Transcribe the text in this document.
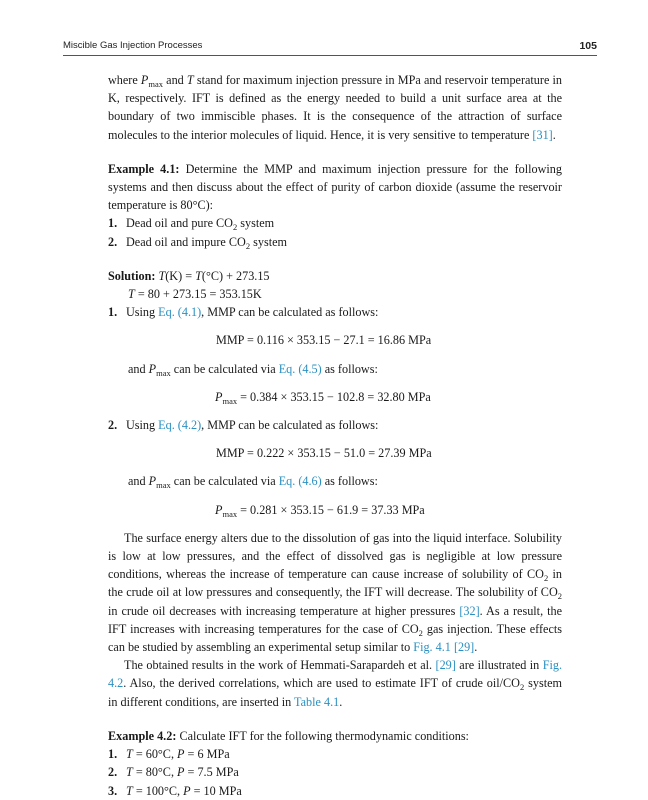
Miscible Gas Injection Processes	105

where $P_{max}$ and T stand for maximum injection pressure in MPa and reservoir temperature in K, respectively. IFT is defined as the energy needed to build a unit surface area at the boundary of two immiscible phases. It is the consequence of the attraction of surface molecules to the interior molecules of liquid. Hence, it is very sensitive to temperature [31].

Example 4.1: Determine the MMP and maximum injection pressure for the following systems and then discuss about the effect of purity of carbon dioxide (assume the reservoir temperature is 80°C):

1. Dead oil and pure $CO_2$ system

2. Dead oil and impure $CO_2$ system

Solution: T(K) = T(°C) + 273.15

T = 80 + 273.15 = 353.15K

1. Using Eq. (4.1), MMP can be calculated as follows:

MMP = 0.116 × 353.15 − 27.1 = 16.86 MPa

and $P_{max}$ can be calculated via Eq. (4.5) as follows:

$P_{max} = 0.384 \times 353.15 - 102.8 = 32.80$ MPa

2. Using Eq. (4.2), MMP can be calculated as follows:

MMP = 0.222 × 353.15 − 51.0 = 27.39 MPa

and $P_{max}$ can be calculated via Eq. (4.6) as follows:

$P_{max} = 0.281 \times 353.15 - 61.9 = 37.33$ MPa

The surface energy alters due to the dissolution of gas into the liquid interface. Solubility is low at low pressures, and the effect of dissolved gas is negligible at low pressure conditions, whereas the increase of temperature can cause increase of solubility of $CO_2$ in the crude oil at low pressures and consequently, the IFT will decrease. The solubility of $CO_2$ in crude oil decreases with increasing temperature at higher pressures [32]. As a result, the IFT increases with increasing temperatures for the case of $CO_2$ gas injection. These effects can be studied by assembling an experimental setup similar to Fig. 4.1 [29].

The obtained results in the work of Hemmati-Sarapardeh et al. [29] are illustrated in Fig. 4.2. Also, the derived correlations, which are used to estimate IFT of crude oil/$CO_2$ system in different conditions, are inserted in Table 4.1.

Example 4.2: Calculate IFT for the following thermodynamic conditions:

1. T = 60°C, P = 6 MPa

2. T = 80°C, P = 7.5 MPa

3. T = 100°C, P = 10 MPa
